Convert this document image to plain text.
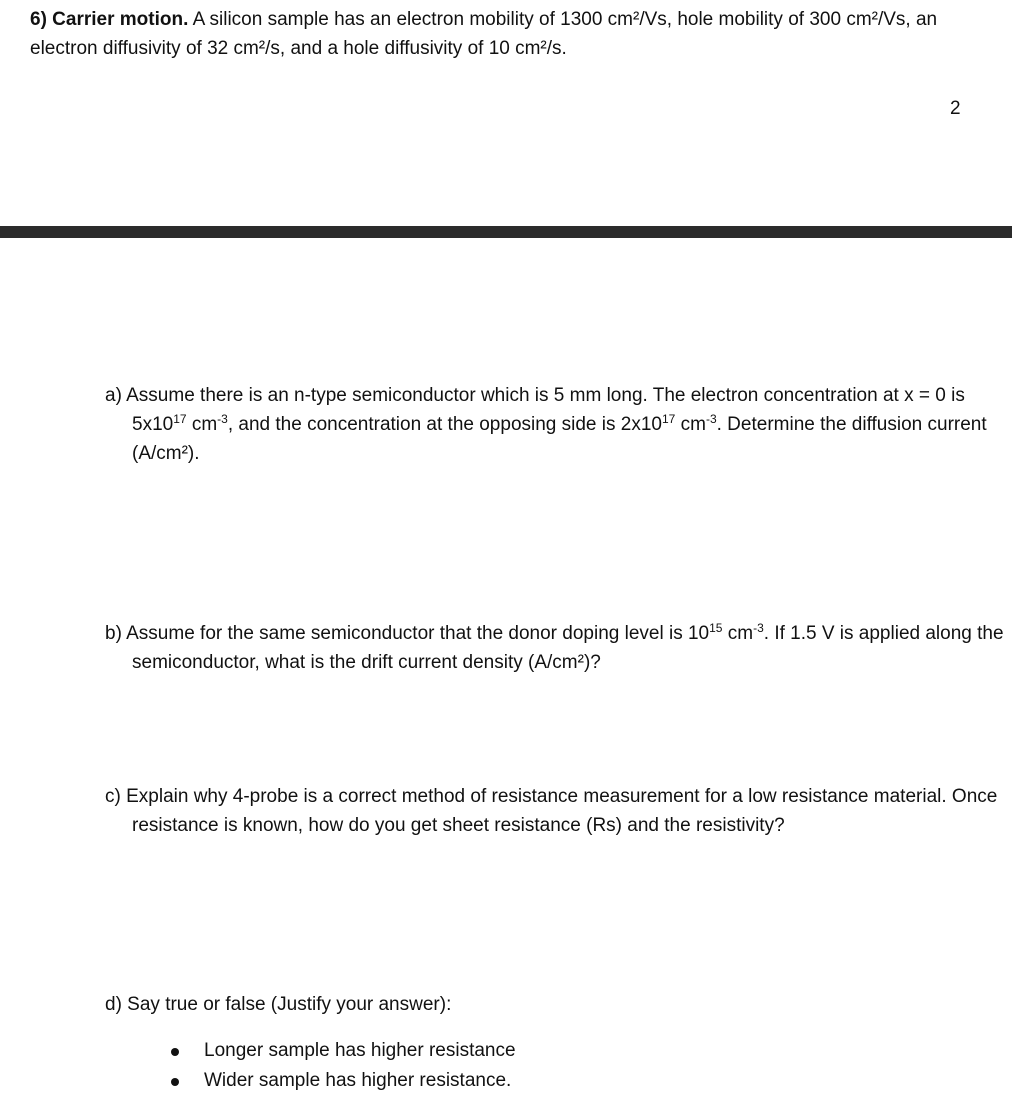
6) Carrier motion. A silicon sample has an electron mobility of 1300 cm²/Vs, hole mobility of 300 cm²/Vs, an electron diffusivity of 32 cm²/s, and a hole diffusivity of 10 cm²/s.
2
a) Assume there is an n-type semiconductor which is 5 mm long. The electron concentration at x = 0 is $5x10^{17}$ $cm^{-3}$, and the concentration at the opposing side is $2x10^{17}$ $cm^{-3}$. Determine the diffusion current (A/cm²).
b) Assume for the same semiconductor that the donor doping level is $10^{15}$ $cm^{-3}$. If 1.5 V is applied along the semiconductor, what is the drift current density (A/cm²)?
c) Explain why 4-probe is a correct method of resistance measurement for a low resistance material. Once resistance is known, how do you get sheet resistance (Rs) and the resistivity?
d) Say true or false (Justify your answer):
Longer sample has higher resistance
Wider sample has higher resistance.
